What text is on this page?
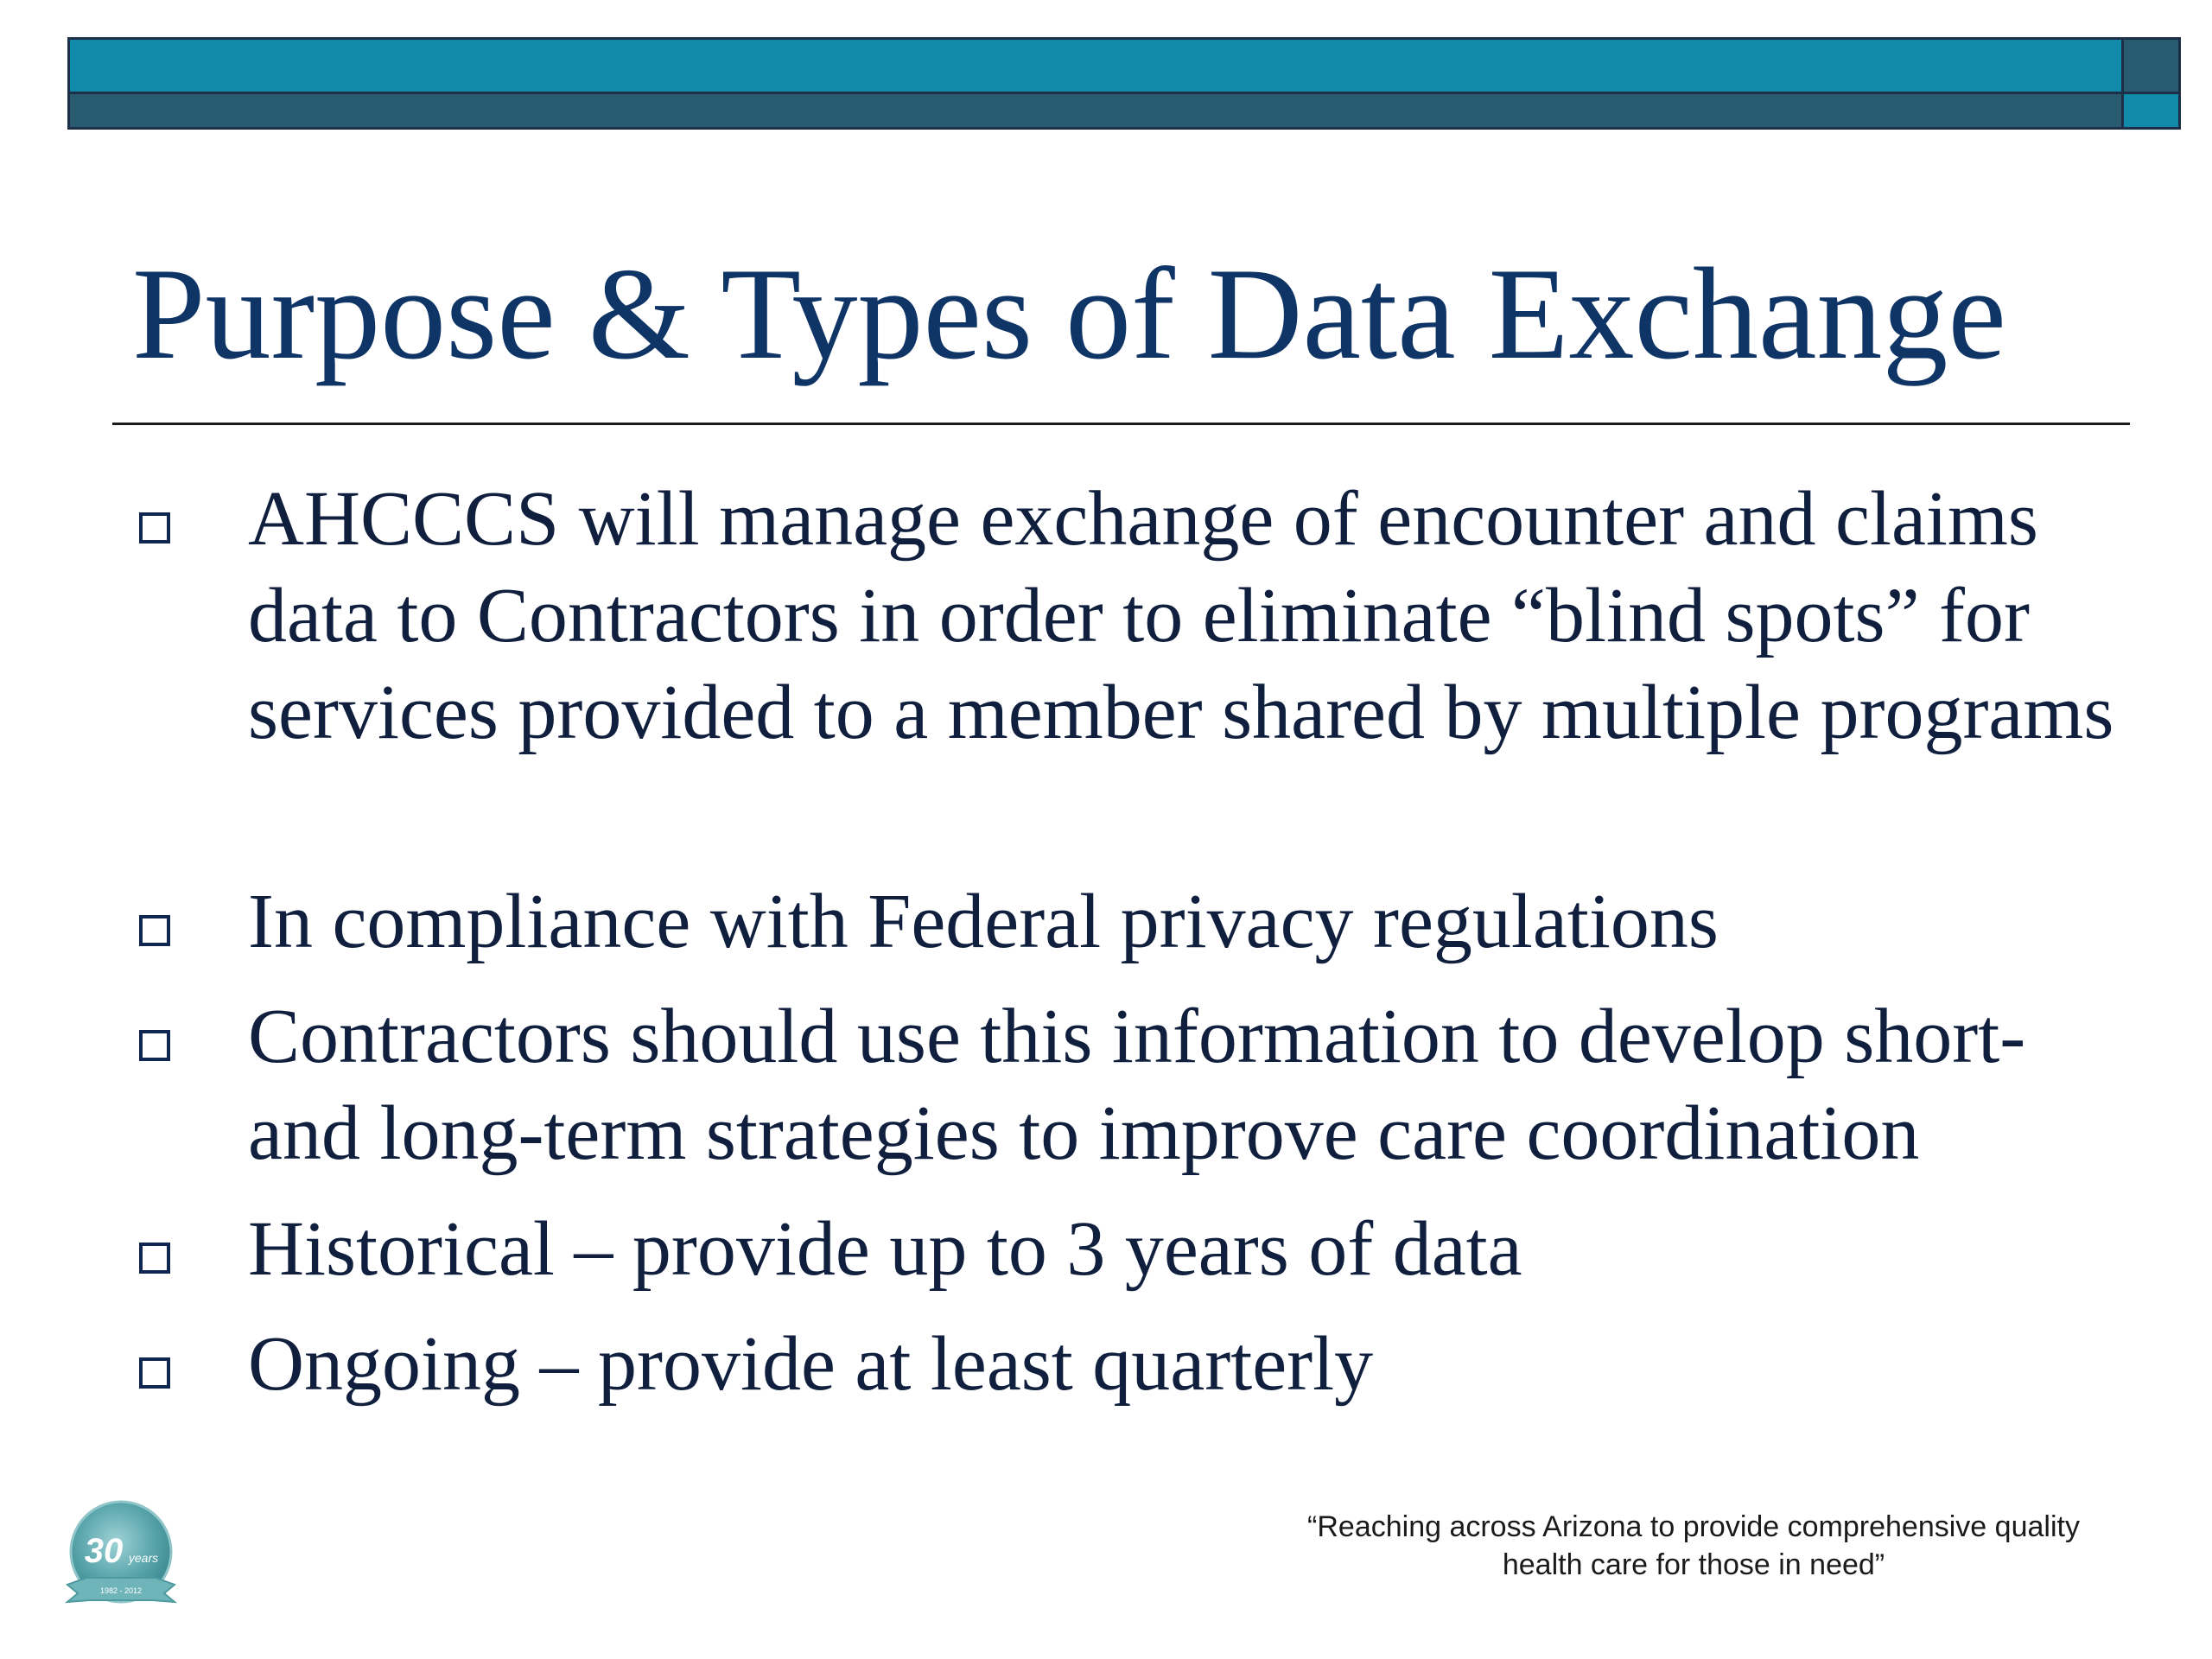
Purpose & Types of Data Exchange
AHCCCS will manage exchange of encounter and claims data to Contractors in order to eliminate “blind spots” for services provided to a member shared by multiple programs
In compliance with Federal privacy regulations
Contractors should use this information to develop short- and long-term strategies to improve care coordination
Historical – provide up to 3 years of data
Ongoing – provide at least quarterly
30 years
1982 - 2012
“Reaching across Arizona to provide comprehensive quality
health care for those in need”
